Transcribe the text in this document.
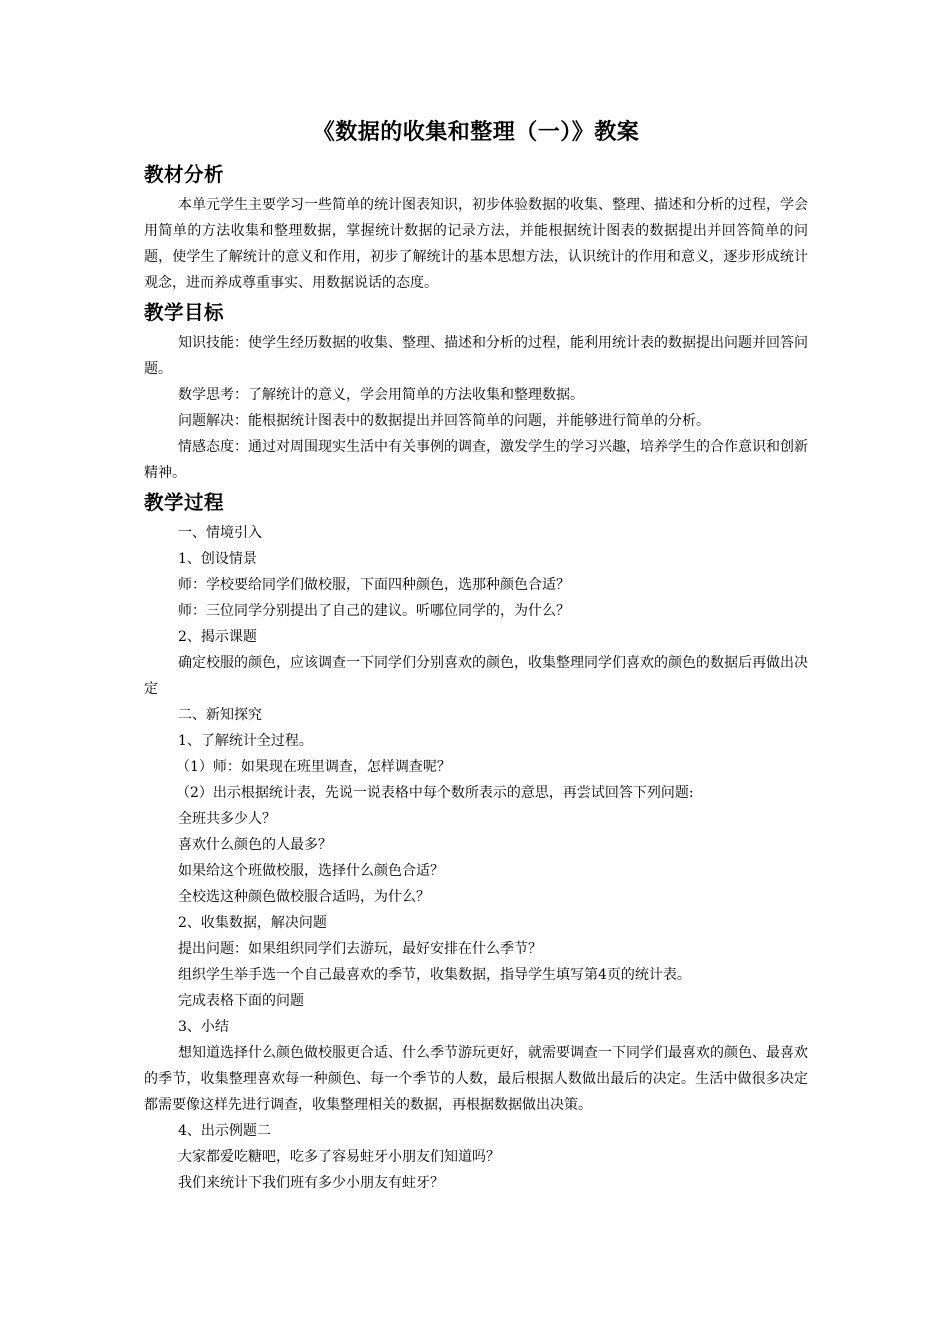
《数据的收集和整理（一）》教案
教材分析

本单元学生主要学习一些简单的统计图表知识，初步体验数据的收集、整理、描述和分析的过程，学会用简单的方法收集和整理数据，掌握统计数据的记录方法，并能根据统计图表的数据提出并回答简单的问题，使学生了解统计的意义和作用，初步了解统计的基本思想方法，认识统计的作用和意义，逐步形成统计观念，进而养成尊重事实、用数据说话的态度。

教学目标

知识技能：使学生经历数据的收集、整理、描述和分析的过程，能利用统计表的数据提出问题并回答问题。

数学思考：了解统计的意义，学会用简单的方法收集和整理数据。

问题解决：能根据统计图表中的数据提出并回答简单的问题，并能够进行简单的分析。

情感态度：通过对周围现实生活中有关事例的调查，激发学生的学习兴趣，培养学生的合作意识和创新精神。

教学过程

一、情境引入

1、创设情景

师：学校要给同学们做校服，下面四种颜色，选那种颜色合适？

师：三位同学分别提出了自己的建议。听哪位同学的，为什么？

2、揭示课题

确定校服的颜色，应该调查一下同学们分别喜欢的颜色，收集整理同学们喜欢的颜色的数据后再做出决定

二、新知探究

1、了解统计全过程。

（1）师：如果现在班里调查，怎样调查呢？

（2）出示根据统计表，先说一说表格中每个数所表示的意思，再尝试回答下列问题:

全班共多少人？

喜欢什么颜色的人最多？

如果给这个班做校服，选择什么颜色合适？

全校选这种颜色做校服合适吗，为什么？

2、收集数据，解决问题

提出问题：如果组织同学们去游玩，最好安排在什么季节？

组织学生举手选一个自己最喜欢的季节，收集数据，指导学生填写第4页的统计表。

完成表格下面的问题

3、小结

想知道选择什么颜色做校服更合适、什么季节游玩更好，就需要调查一下同学们最喜欢的颜色、最喜欢的季节，收集整理喜欢每一种颜色、每一个季节的人数，最后根据人数做出最后的决定。生活中做很多决定都需要像这样先进行调查，收集整理相关的数据，再根据数据做出决策。

4、出示例题二

大家都爱吃糖吧，吃多了容易蛀牙小朋友们知道吗？

我们来统计下我们班有多少小朋友有蛀牙？
